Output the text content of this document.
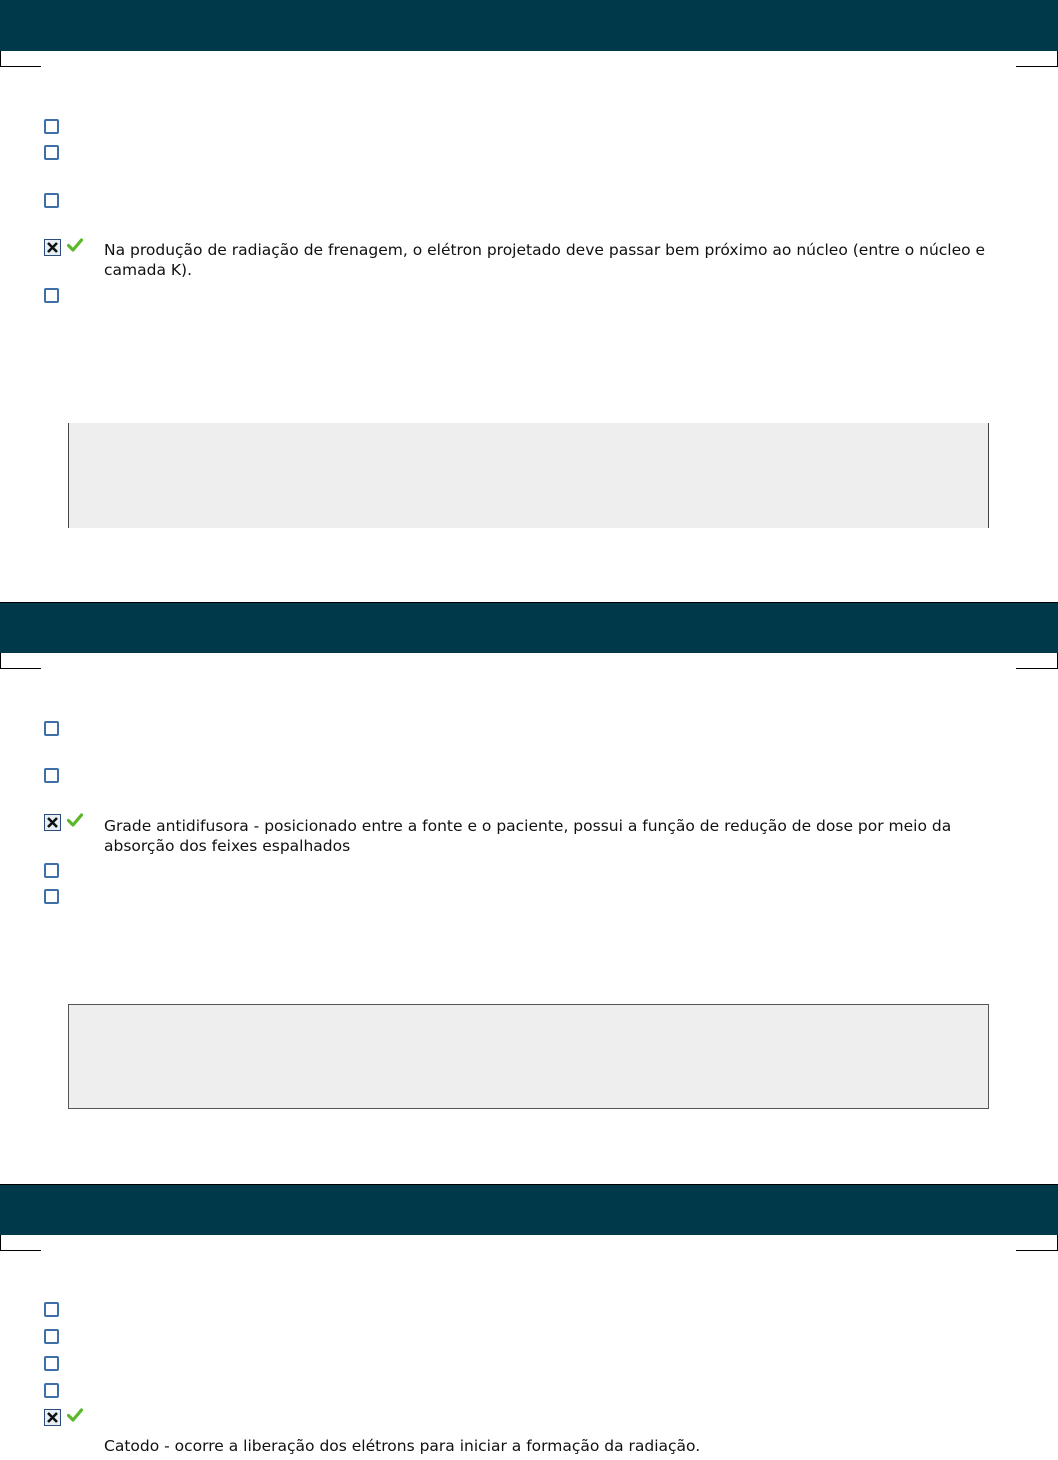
Na produção de radiação de frenagem, o elétron projetado deve passar bem próximo ao núcleo (entre o núcleo e camada K).
Grade antidifusora - posicionado entre a fonte e o paciente, possui a função de redução de dose por meio da absorção dos feixes espalhados
Catodo - ocorre a liberação dos elétrons para iniciar a formação da radiação.
